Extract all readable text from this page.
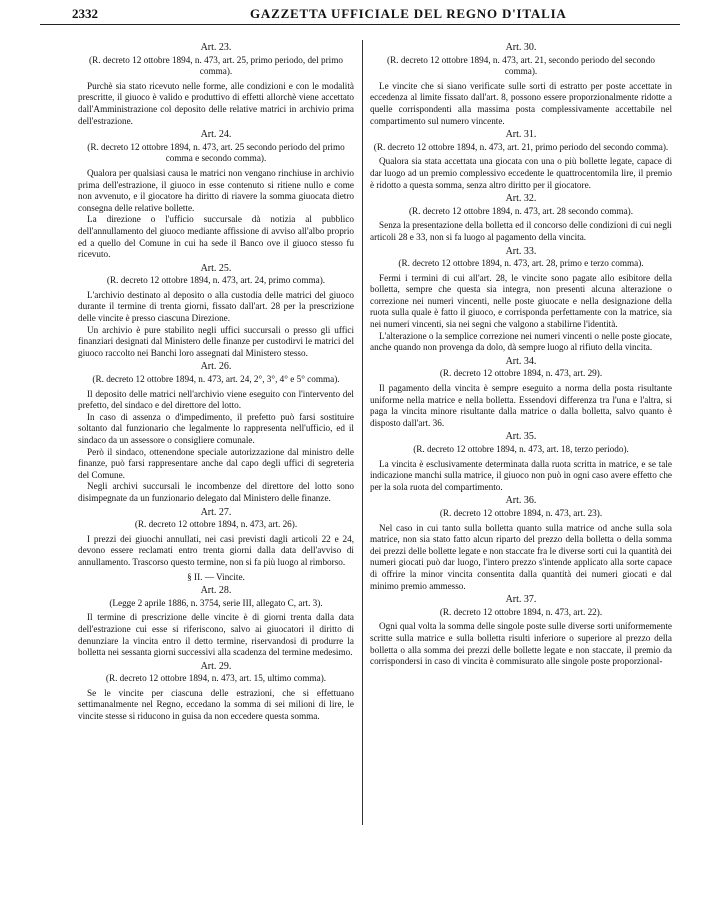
2332	GAZZETTA UFFICIALE DEL REGNO D'ITALIA
Art. 23.
(R. decreto 12 ottobre 1894, n. 473, art. 25, primo periodo, del primo comma).

Purchè sia stato ricevuto nelle forme, alle condizioni e con le modalità prescritte, il giuoco è valido e produttivo di effetti allorchè viene accettato dall'Amministrazione col deposito delle relative matrici in archivio prima dell'estrazione.

Art. 24.
(R. decreto 12 ottobre 1894, n. 473, art. 25 secondo periodo del primo comma e secondo comma).

Qualora per qualsiasi causa le matrici non vengano rinchiuse in archivio prima dell'estrazione, il giuoco in esse contenuto si ritiene nullo e come non avvenuto, e il giocatore ha diritto di riavere la somma giuocata dietro consegna delle relative bollette.

La direzione o l'ufficio succursale dà notizia al pubblico dell'annullamento del giuoco mediante affissione di avviso all'albo proprio ed a quello del Comune in cui ha sede il Banco ove il giuoco stesso fu ricevuto.

Art. 25.
(R. decreto 12 ottobre 1894, n. 473, art. 24, primo comma).

L'archivio destinato al deposito o alla custodia delle matrici del giuoco durante il termine di trenta giorni, fissato dall'art. 28 per la prescrizione delle vincite è presso ciascuna Direzione.

Un archivio è pure stabilito negli uffici succursali o presso gli uffici finanziari designati dal Ministero delle finanze per custodirvi le matrici del giuoco raccolto nei Banchi loro assegnati dal Ministero stesso.

Art. 26.
(R. decreto 12 ottobre 1894, n. 473, art. 24, 2°, 3°, 4° e 5° comma).

Il deposito delle matrici nell'archivio viene eseguito con l'intervento del prefetto, del sindaco e del direttore del lotto.

In caso di assenza o d'impedimento, il prefetto può farsi sostituire soltanto dal funzionario che legalmente lo rappresenta nell'ufficio, ed il sindaco da un assessore o consigliere comunale.

Però il sindaco, ottenendone speciale autorizzazione dal ministro delle finanze, può farsi rappresentare anche dal capo degli uffici di segreteria del Comune.

Negli archivi succursali le incombenze del direttore del lotto sono disimpegnate da un funzionario delegato dal Ministero delle finanze.

Art. 27.
(R. decreto 12 ottobre 1894, n. 473, art. 26).

I prezzi dei giuochi annullati, nei casi previsti dagli articoli 22 e 24, devono essere reclamati entro trenta giorni dalla data dell'avviso di annullamento. Trascorso questo termine, non si fa più luogo al rimborso.

§ II. — Vincite.
Art. 28.
(Legge 2 aprile 1886, n. 3754, serie III, allegato C, art. 3).

Il termine di prescrizione delle vincite è di giorni trenta dalla data dell'estrazione cui esse si riferiscono, salvo ai giuocatori il diritto di denunziare la vincita entro il detto termine, riservandosi di produrre la bolletta nei sessanta giorni successivi alla scadenza del termine medesimo.

Art. 29.
(R. decreto 12 ottobre 1894, n. 473, art. 15, ultimo comma).

Se le vincite per ciascuna delle estrazioni, che si effettuano settimanalmente nel Regno, eccedano la somma di sei milioni di lire, le vincite stesse si riducono in guisa da non eccedere questa somma.

Art. 30.
(R. decreto 12 ottobre 1894, n. 473, art. 21, secondo periodo del secondo comma).

Le vincite che si siano verificate sulle sorti di estratto per poste accettate in eccedenza al limite fissato dall'art. 8, possono essere proporzionalmente ridotte a quelle corrispondenti alla massima posta complessivamente accettabile nel compartimento sul numero vincente.

Art. 31.
(R. decreto 12 ottobre 1894, n. 473, art. 21, primo periodo del secondo comma).

Qualora sia stata accettata una giocata con una o più bollette legate, capace di dar luogo ad un premio complessivo eccedente le quattrocentomila lire, il premio è ridotto a questa somma, senza altro diritto per il giocatore.

Art. 32.
(R. decreto 12 ottobre 1894, n. 473, art. 28 secondo comma).

Senza la presentazione della bolletta ed il concorso delle condizioni di cui negli articoli 28 e 33, non si fa luogo al pagamento della vincita.

Art. 33.
(R. decreto 12 ottobre 1894, n. 473, art. 28, primo e terzo comma).

Fermi i termini di cui all'art. 28, le vincite sono pagate allo esibitore della bolletta, sempre che questa sia integra, non presenti alcuna alterazione o correzione nei numeri vincenti, nelle poste giuocate e nella designazione della ruota sulla quale è fatto il giuoco, e corrisponda perfettamente con la matrice, sia nei numeri vincenti, sia nei segni che valgono a stabilirne l'identità.

L'alterazione o la semplice correzione nei numeri vincenti o nelle poste giocate, anche quando non provenga da dolo, dà sempre luogo al rifiuto della vincita.

Art. 34.
(R. decreto 12 ottobre 1894, n. 473, art. 29).

Il pagamento della vincita è sempre eseguito a norma della posta risultante uniforme nella matrice e nella bolletta. Essendovi differenza tra l'una e l'altra, si paga la vincita minore risultante dalla matrice o dalla bolletta, salvo quanto è disposto dall'art. 36.

Art. 35.
(R. decreto 12 ottobre 1894, n. 473, art. 18, terzo periodo).

La vincita è esclusivamente determinata dalla ruota scritta in matrice, e se tale indicazione manchi sulla matrice, il giuoco non può in ogni caso avere effetto che per la sola ruota del compartimento.

Art. 36.
(R. decreto 12 ottobre 1894, n. 473, art. 23).

Nel caso in cui tanto sulla bolletta quanto sulla matrice od anche sulla sola matrice, non sia stato fatto alcun riparto del prezzo della bolletta o della somma dei prezzi delle bollette legate e non staccate fra le diverse sorti cui la quantità dei numeri giocati può dar luogo, l'intero prezzo s'intende applicato alla sorte capace di offrire la minor vincita consentita dalla quantità dei numeri giocati e dal minimo premio ammesso.

Art. 37.
(R. decreto 12 ottobre 1894, n. 473, art. 22).

Ogni qual volta la somma delle singole poste sulle diverse sorti uniformemente scritte sulla matrice e sulla bolletta risulti inferiore o superiore al prezzo della bolletta o alla somma dei prezzi delle bollette legate e non staccate, il premio da corrispondersi in caso di vincita è commisurato alle singole poste proporzional-
